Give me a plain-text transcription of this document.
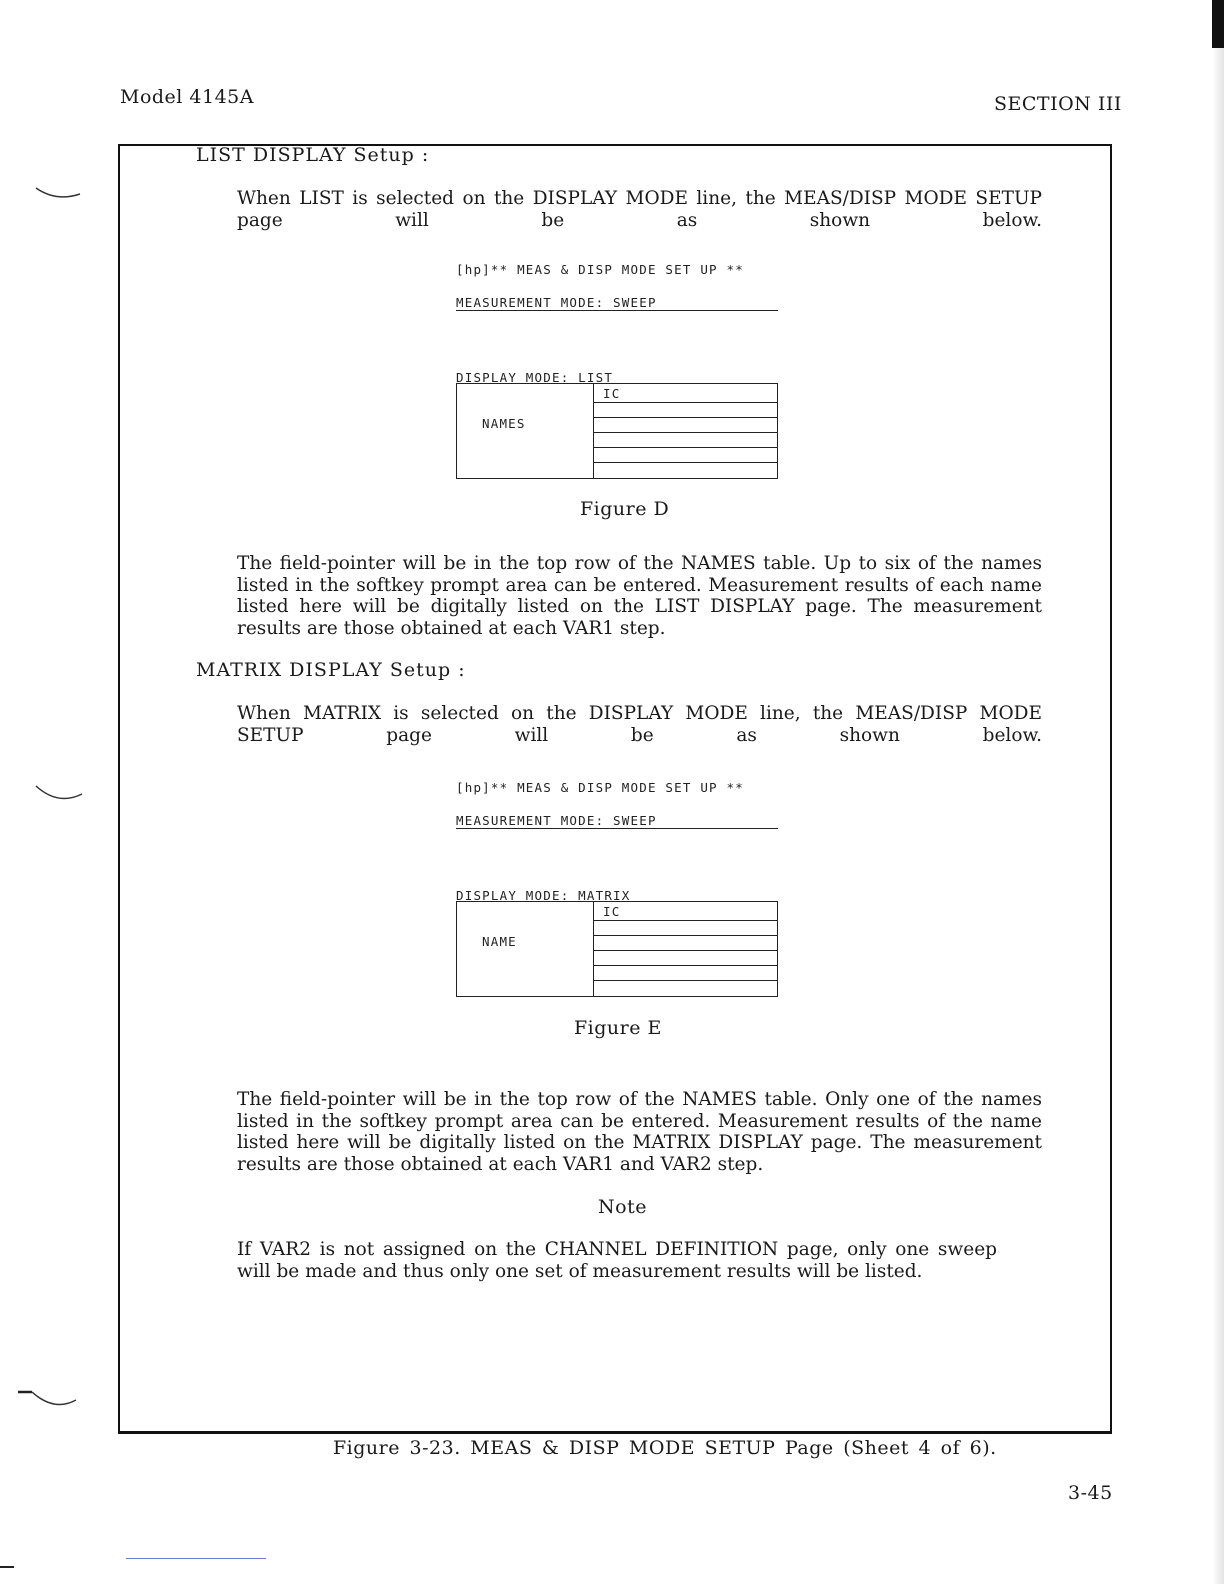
Model 4145A	SECTION III
LIST DISPLAY Setup :
When LIST is selected on the DISPLAY MODE line, the MEAS/DISP MODE SETUP page will be as shown below.
[hp]** MEAS & DISP MODE SET UP **
MEASUREMENT MODE: SWEEP
DISPLAY MODE: LIST
NAMES
IC
Figure D
The field-pointer will be in the top row of the NAMES table. Up to six of the names listed in the softkey prompt area can be entered. Measurement results of each name listed here will be digitally listed on the LIST DISPLAY page. The measurement results are those obtained at each VAR1 step.
MATRIX DISPLAY Setup :
When MATRIX is selected on the DISPLAY MODE line, the MEAS/DISP MODE SETUP page will be as shown below.
[hp]** MEAS & DISP MODE SET UP **
MEASUREMENT MODE: SWEEP
DISPLAY MODE: MATRIX
NAME
IC
Figure E
The field-pointer will be in the top row of the NAMES table. Only one of the names listed in the softkey prompt area can be entered. Measurement results of the name listed here will be digitally listed on the MATRIX DISPLAY page. The measurement results are those obtained at each VAR1 and VAR2 step.
Note
If VAR2 is not assigned on the CHANNEL DEFINITION page, only one sweep will be made and thus only one set of measurement results will be listed.
Figure 3-23. MEAS & DISP MODE SETUP Page (Sheet 4 of 6).
3-45
